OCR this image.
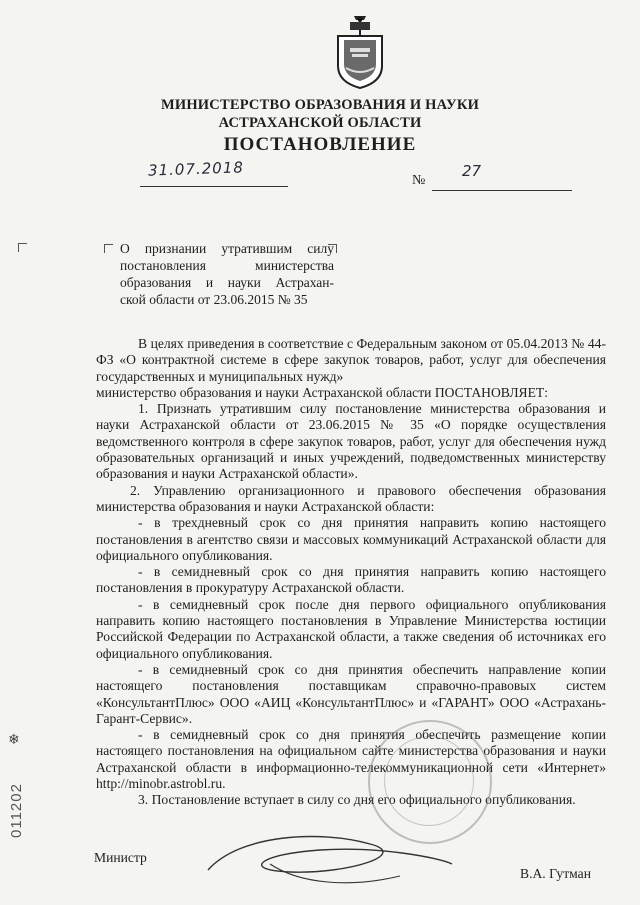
МИНИСТЕРСТВО ОБРАЗОВАНИЯ И НАУКИ
АСТРАХАНСКОЙ ОБЛАСТИ
ПОСТАНОВЛЕНИЕ
31.07.2018
№
27

О признании утратившим силу

постановления министерства

образования и науки Астрахан-

ской области от 23.06.2015 № 35

В целях приведения в соответствие с Федеральным законом от 05.04.2013 № 44-ФЗ «О контрактной системе в сфере закупок товаров, работ, услуг для обеспечения государственных и муниципальных нужд»

министерство образования и науки Астраханской области ПОСТАНОВЛЯЕТ:

1. Признать утратившим силу постановление министерства образования и науки Астраханской области от 23.06.2015 № 35 «О порядке осуществления ведомственного контроля в сфере закупок товаров, работ, услуг для обеспечения нужд образовательных организаций и иных учреждений, подведомственных министерству образования и науки Астраханской области».

2. Управлению организационного и правового обеспечения образования министерства образования и науки Астраханской области:

- в трехдневный срок со дня принятия направить копию настоящего постановления в агентство связи и массовых коммуникаций Астраханской области для официального опубликования.

- в семидневный срок со дня принятия направить копию настоящего постановления в прокуратуру Астраханской области.

- в семидневный срок после дня первого официального опубликования направить копию настоящего постановления в Управление Министерства юстиции Российской Федерации по Астраханской области, а также сведения об источниках его официального опубликования.

- в семидневный срок со дня принятия обеспечить направление копии настоящего постановления поставщикам справочно-правовых систем «КонсультантПлюс» ООО «АИЦ «КонсультантПлюс» и «ГАРАНТ» ООО «Астрахань-Гарант-Сервис».

- в семидневный срок со дня принятия обеспечить размещение копии настоящего постановления на официальном сайте министерства образования и науки Астраханской области в информационно-телекоммуникационной сети «Интернет» http://minobr.astrobl.ru.

3. Постановление вступает в силу со дня его официального опубликования.

Министр
В.А. Гутман
❄
011202
